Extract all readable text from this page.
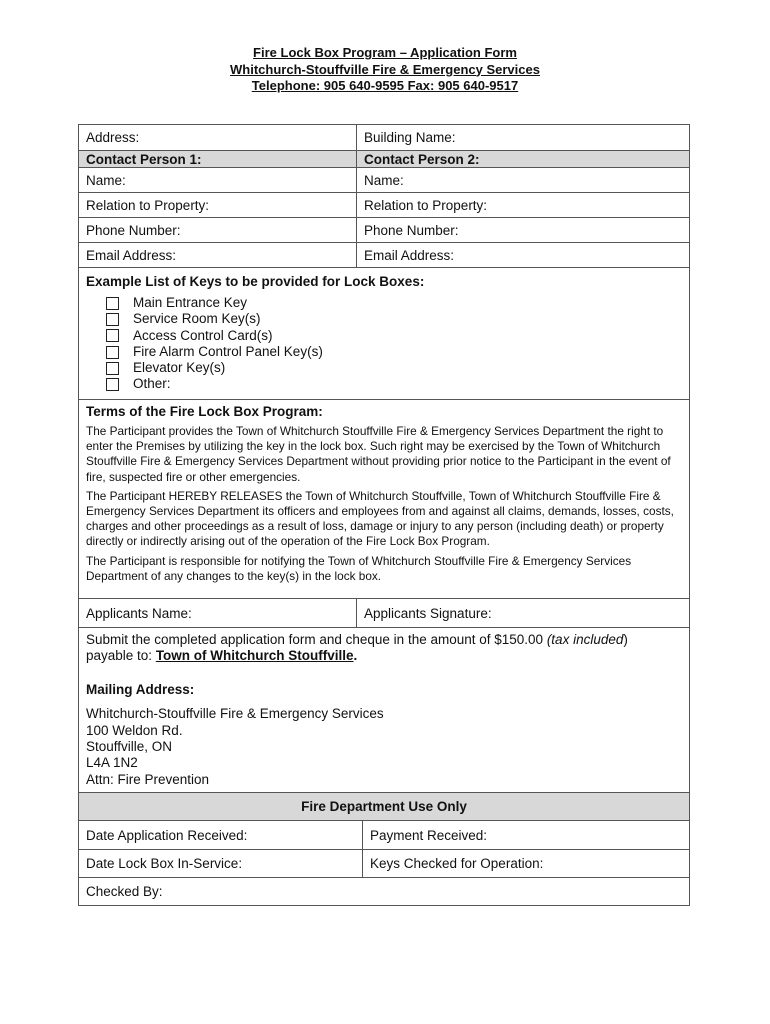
Fire Lock Box Program – Application Form
Whitchurch-Stouffville Fire & Emergency Services
Telephone: 905 640-9595 Fax: 905 640-9517
Address:	Building Name:
Contact Person 1:	Contact Person 2:
Name:	Name:
Relation to Property:	Relation to Property:
Phone Number:	Phone Number:
Email Address:	Email Address:
Example List of Keys to be provided for Lock Boxes:
Main Entrance Key
Service Room Key(s)
Access Control Card(s)
Fire Alarm Control Panel Key(s)
Elevator Key(s)
Other:
Terms of the Fire Lock Box Program:

The Participant provides the Town of Whitchurch Stouffville Fire & Emergency Services Department the right to enter the Premises by utilizing the key in the lock box. Such right may be exercised by the Town of Whitchurch Stouffville Fire & Emergency Services Department without providing prior notice to the Participant in the event of fire, suspected fire or other emergencies.

The Participant HEREBY RELEASES the Town of Whitchurch Stouffville, Town of Whitchurch Stouffville Fire & Emergency Services Department its officers and employees from and against all claims, demands, losses, costs, charges and other proceedings as a result of loss, damage or injury to any person (including death) or property directly or indirectly arising out of the operation of the Fire Lock Box Program.

The Participant is responsible for notifying the Town of Whitchurch Stouffville Fire & Emergency Services Department of any changes to the key(s) in the lock box.

Applicants Name:	Applicants Signature:
Submit the completed application form and cheque in the amount of $150.00 (tax included)
payable to: Town of Whitchurch Stouffville.
Mailing Address:
Whitchurch-Stouffville Fire & Emergency Services
100 Weldon Rd.
Stouffville, ON
L4A 1N2
Attn: Fire Prevention
Fire Department Use Only
Date Application Received:	Payment Received:
Date Lock Box In-Service:	Keys Checked for Operation:
Checked By:
